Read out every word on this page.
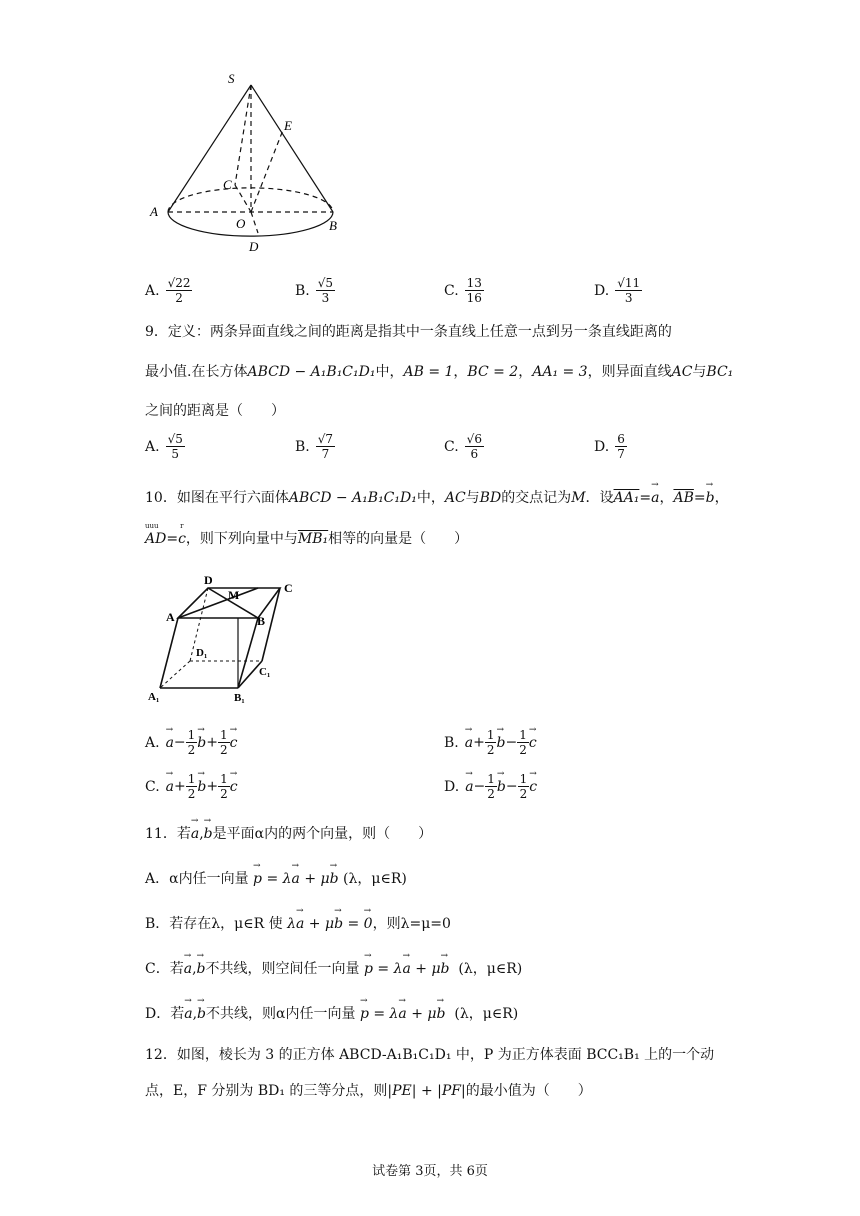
S
E
C
A
O	B
D
A. $\frac{√22}{2}$	B. $\frac{√5}{3}$	C. $\frac{13}{16}$	D. $\frac{√11}{3}$
9．定义：两条异面直线之间的距离是指其中一条直线上任意一点到另一条直线距离的
最小值.在长方体ABCD − A₁B₁C₁D₁中，AB = 1，BC = 2，AA₁ = 3，则异面直线AC与BC₁
之间的距离是（　　）
A. $\frac{√5}{5}$	B. $\frac{√7}{7}$	C. $\frac{√6}{6}$	D. $\frac{6}{7}$
10．如图在平行六面体ABCD − A₁B₁C₁D₁中，AC与BD的交点记为M．设AA₁=→ a，$\overline{AB}=\to b$，
uuu
AD=
r
c，则下列向量中与MB₁相等的向量是（　　）
D
M	C
A	B
D₁
C₁
A₁	B₁
A. → $a- \frac{1}{2} \to b+ \frac{1}{2} \to c$	B. → $a+ \frac{1}{2} \to b- \frac{1}{2} \to c$
C. → $a+ \frac{1}{2} \to b+ \frac{1}{2} \to c$	D. → $a- \frac{1}{2} \to b- \frac{1}{2} \to c$
11．若→ a,→ b是平面α内的两个向量，则（　　）
A．α内任一向量 → p = λ→ a + μ→ b (λ，μ∈R)
B．若存在λ，μ∈R 使 λ→ a + μ→ b = → 0，则λ=μ=0
C．若→ a,→ b不共线，则空间任一向量 → p = λ→ a + μ→ b (λ，μ∈R)
D．若→ a,→ b不共线，则α内任一向量 → p = λ→ a + μ→ b (λ，μ∈R)
12．如图，棱长为 3 的正方体 ABCD-A₁B₁C₁D₁ 中，P 为正方体表面 BCC₁B₁ 上的一个动
点，E，F 分别为 BD₁ 的三等分点，则|PE| + |PF|的最小值为（　　）
试卷第 3页，共 6页
